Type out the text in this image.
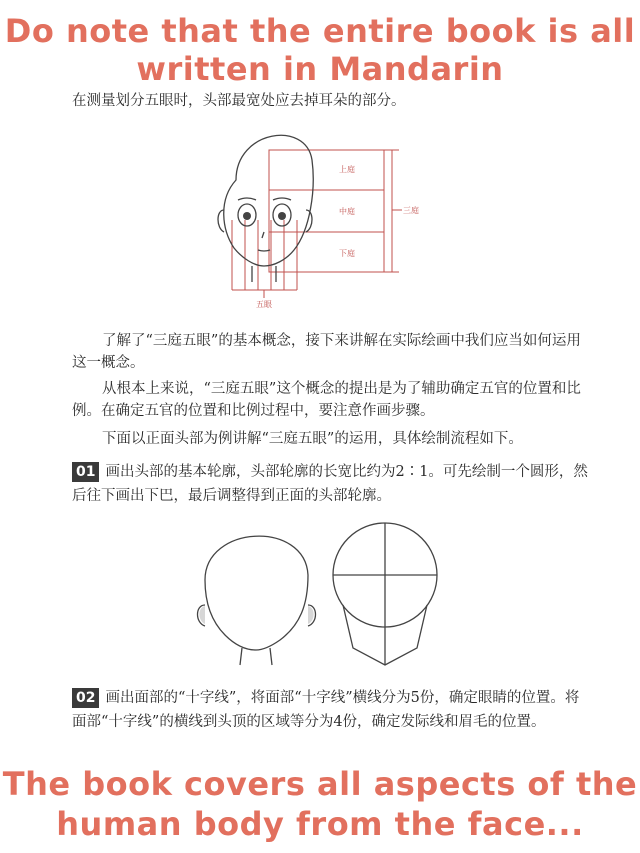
Do note that the entire book is all
written in Mandarin

在测量划分五眼时，头部最宽处应去掉耳朵的部分。

上庭
中庭
下庭
三庭
五眼

了解了“三庭五眼”的基本概念，接下来讲解在实际绘画中我们应当如何运用这一概念。

从根本上来说，“三庭五眼”这个概念的提出是为了辅助确定五官的位置和比例。在确定五官的位置和比例过程中，要注意作画步骤。

下面以正面头部为例讲解“三庭五眼”的运用，具体绘制流程如下。

01 画出头部的基本轮廓，头部轮廓的长宽比约为2∶1。可先绘制一个圆形，然后往下画出下巴，最后调整得到正面的头部轮廓。
02 画出面部的“十字线”，将面部“十字线”横线分为5份，确定眼睛的位置。将面部“十字线”的横线到头顶的区域等分为4份，确定发际线和眉毛的位置。
The book covers all aspects of the
human body from the face...
